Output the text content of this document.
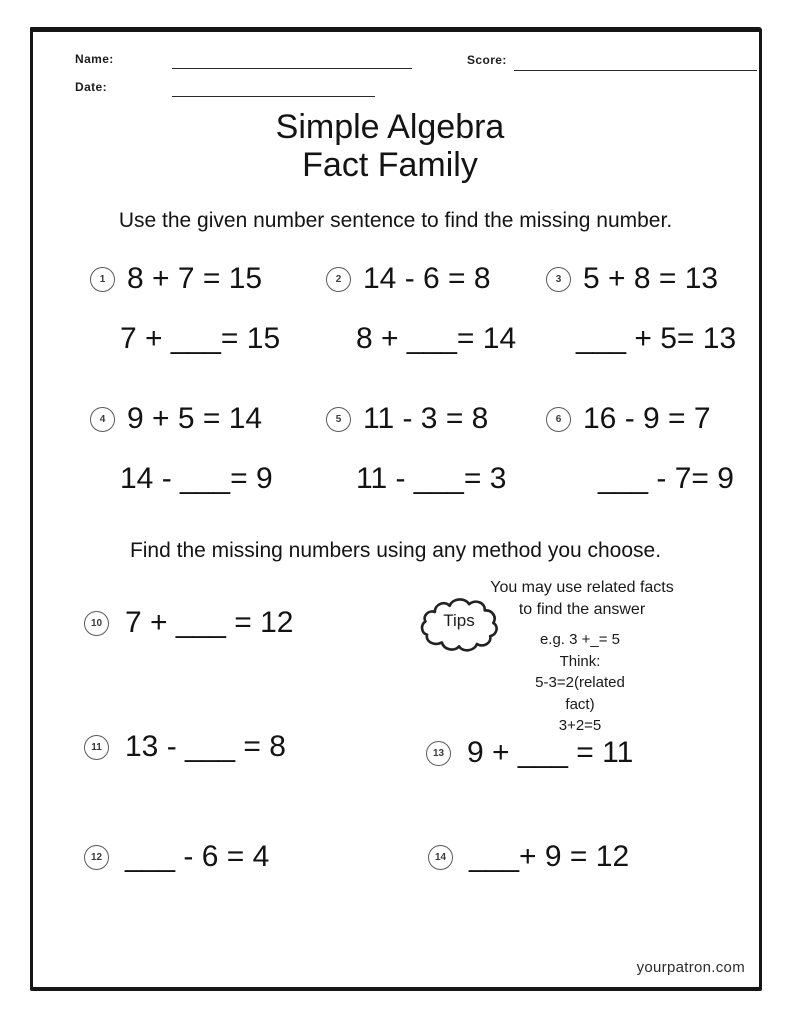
Name:
Date:
Score:
Simple Algebra
Fact Family
Use the given number sentence to find the missing number.
1 8 + 7 = 15
7 + ___= 15
2 14 - 6 = 8
8 + ___= 14
3 5 + 8 = 13
___ + 5= 13
4 9 + 5 = 14
14 - ___= 9
5 11 - 3 = 8
11 - ___= 3
6 16 - 9 = 7
___ - 7= 9
Find the missing numbers using any method you choose.
10 7 + ___ = 12
11 13 - ___ = 8
12 ___ - 6 = 4
13 9 + ___ = 11
14 ___+ 9 = 12
Tips
You may use related facts
to find the answer
e.g. 3 +_= 5
Think:
5-3=2(related
fact)
3+2=5
yourpatron.com
